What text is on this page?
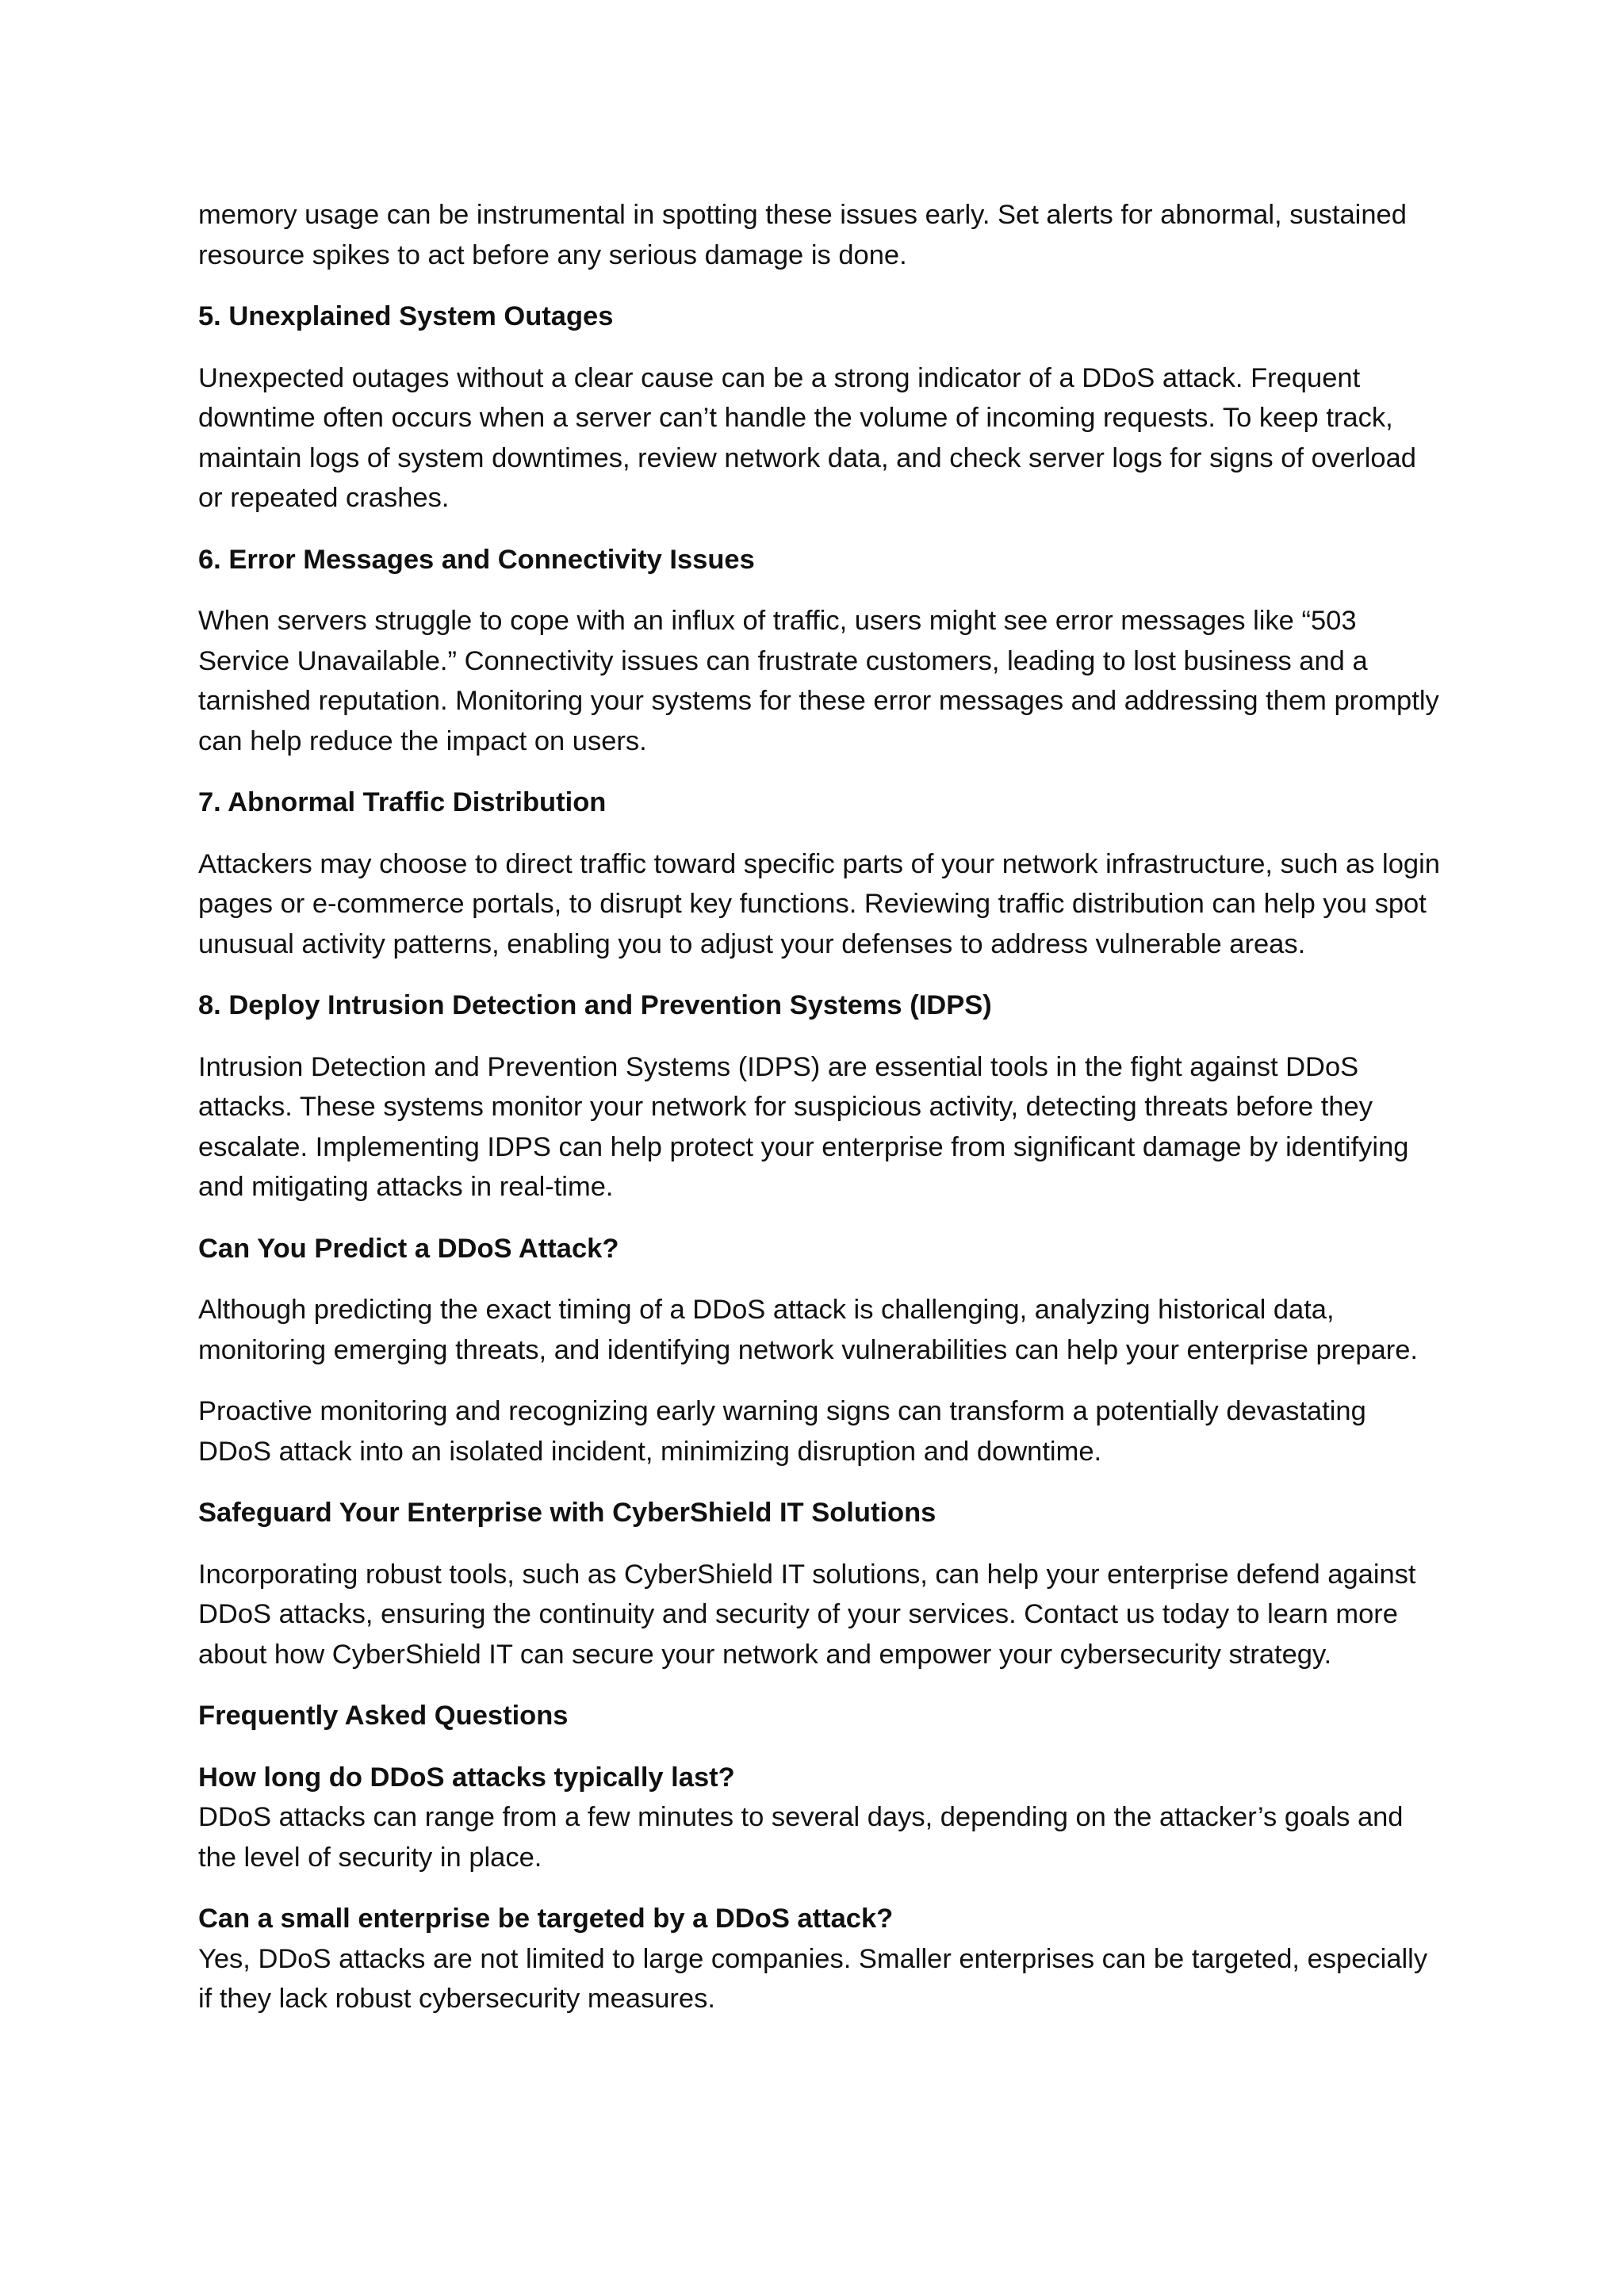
memory usage can be instrumental in spotting these issues early. Set alerts for abnormal, sustained resource spikes to act before any serious damage is done.

5. Unexplained System Outages

Unexpected outages without a clear cause can be a strong indicator of a DDoS attack. Frequent downtime often occurs when a server can’t handle the volume of incoming requests. To keep track, maintain logs of system downtimes, review network data, and check server logs for signs of overload or repeated crashes.

6. Error Messages and Connectivity Issues

When servers struggle to cope with an influx of traffic, users might see error messages like “503 Service Unavailable.” Connectivity issues can frustrate customers, leading to lost business and a tarnished reputation. Monitoring your systems for these error messages and addressing them promptly can help reduce the impact on users.

7. Abnormal Traffic Distribution

Attackers may choose to direct traffic toward specific parts of your network infrastructure, such as login pages or e-commerce portals, to disrupt key functions. Reviewing traffic distribution can help you spot unusual activity patterns, enabling you to adjust your defenses to address vulnerable areas.

8. Deploy Intrusion Detection and Prevention Systems (IDPS)

Intrusion Detection and Prevention Systems (IDPS) are essential tools in the fight against DDoS attacks. These systems monitor your network for suspicious activity, detecting threats before they escalate. Implementing IDPS can help protect your enterprise from significant damage by identifying and mitigating attacks in real-time.

Can You Predict a DDoS Attack?

Although predicting the exact timing of a DDoS attack is challenging, analyzing historical data, monitoring emerging threats, and identifying network vulnerabilities can help your enterprise prepare.

Proactive monitoring and recognizing early warning signs can transform a potentially devastating DDoS attack into an isolated incident, minimizing disruption and downtime.

Safeguard Your Enterprise with CyberShield IT Solutions

Incorporating robust tools, such as CyberShield IT solutions, can help your enterprise defend against DDoS attacks, ensuring the continuity and security of your services. Contact us today to learn more about how CyberShield IT can secure your network and empower your cybersecurity strategy.

Frequently Asked Questions

How long do DDoS attacks typically last?
DDoS attacks can range from a few minutes to several days, depending on the attacker’s goals and the level of security in place.
Can a small enterprise be targeted by a DDoS attack?
Yes, DDoS attacks are not limited to large companies. Smaller enterprises can be targeted, especially if they lack robust cybersecurity measures.
